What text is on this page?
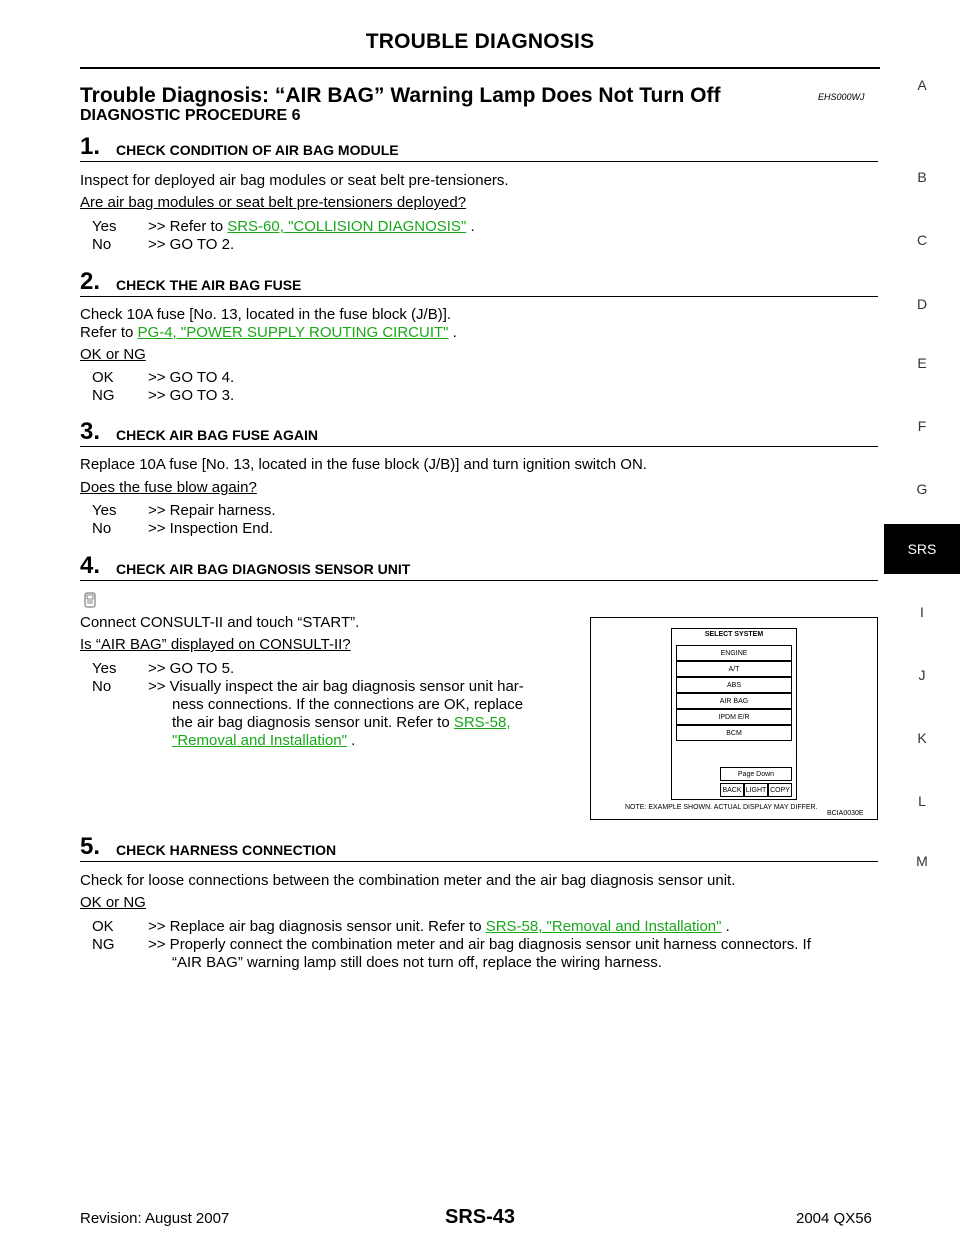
TROUBLE DIAGNOSIS
Trouble Diagnosis: “AIR BAG” Warning Lamp Does Not Turn Off	EHS000WJ
DIAGNOSTIC PROCEDURE 6
1. CHECK CONDITION OF AIR BAG MODULE
Inspect for deployed air bag modules or seat belt pre-tensioners.
Are air bag modules or seat belt pre-tensioners deployed?
Yes >> Refer to SRS-60, "COLLISION DIAGNOSIS" .
No >> GO TO 2.
2. CHECK THE AIR BAG FUSE
Check 10A fuse [No. 13, located in the fuse block (J/B)].
Refer to PG-4, "POWER SUPPLY ROUTING CIRCUIT" .
OK or NG
OK >> GO TO 4.
NG >> GO TO 3.
3. CHECK AIR BAG FUSE AGAIN
Replace 10A fuse [No. 13, located in the fuse block (J/B)] and turn ignition switch ON.
Does the fuse blow again?
Yes >> Repair harness.
No >> Inspection End.
4. CHECK AIR BAG DIAGNOSIS SENSOR UNIT
Connect CONSULT-II and touch “START”.
Is “AIR BAG” displayed on CONSULT-II?
Yes >> GO TO 5.
No >> Visually inspect the air bag diagnosis sensor unit har-
ness connections. If the connections are OK, replace
the air bag diagnosis sensor unit. Refer to SRS-58,
"Removal and Installation" .
SELECT SYSTEM
ENGINE
A/T
ABS
AIR BAG
IPDM E/R
BCM
Page Down
BACK LIGHT COPY
NOTE: EXAMPLE SHOWN. ACTUAL DISPLAY MAY DIFFER.
BCIA0030E
5. CHECK HARNESS CONNECTION
Check for loose connections between the combination meter and the air bag diagnosis sensor unit.
OK or NG
OK >> Replace air bag diagnosis sensor unit. Refer to SRS-58, "Removal and Installation" .
NG >> Properly connect the combination meter and air bag diagnosis sensor unit harness connectors. If
“AIR BAG” warning lamp still does not turn off, replace the wiring harness.
A
B
C
D
E
F
G
SRS
I
J
K
L
M
Revision: August 2007	SRS-43	2004 QX56
